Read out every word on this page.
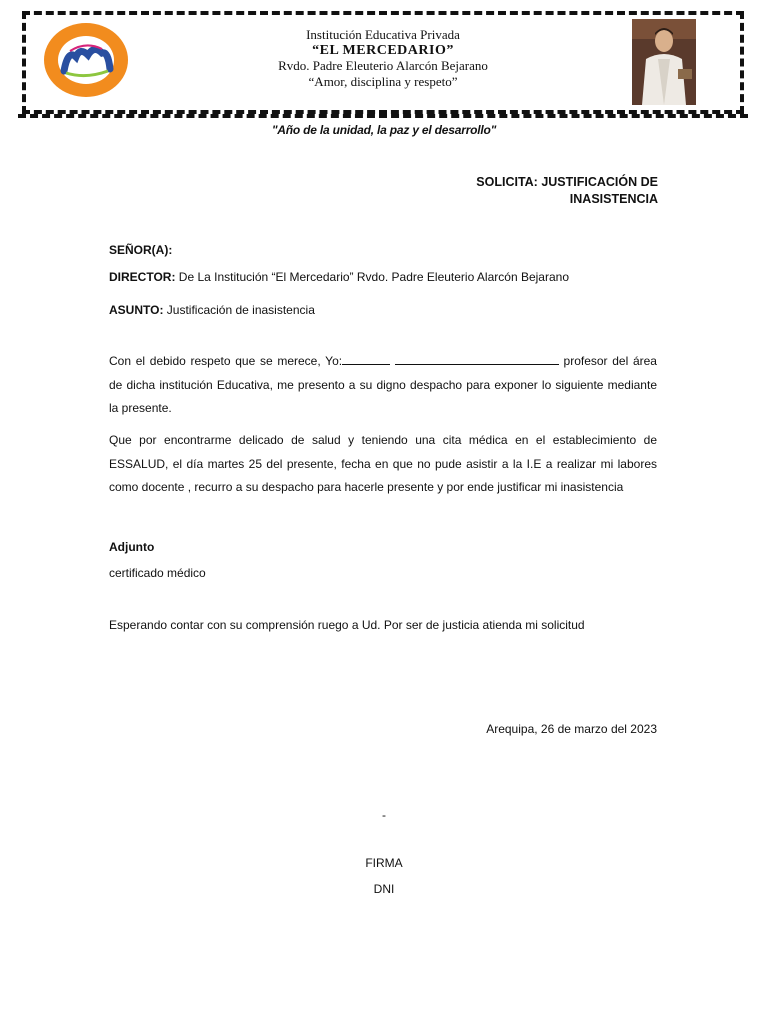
Institución Educativa Privada
“EL MERCEDARIO”
Rvdo. Padre Eleuterio Alarcón Bejarano
“Amor, disciplina y respeto”
"Año de la unidad, la paz y el desarrollo"
SOLICITA: JUSTIFICACIÓN DE
INASISTENCIA
SEÑOR(A):
DIRECTOR: De La Institución “El Mercedario” Rvdo. Padre Eleuterio Alarcón Bejarano
ASUNTO: Justificación de inasistencia
Con el debido respeto que se merece, Yo:	profesor del área de dicha institución Educativa, me presento a su digno despacho para exponer lo siguiente mediante la presente.
Que por encontrarme delicado de salud y teniendo una cita médica en el establecimiento de ESSALUD, el día martes 25 del presente, fecha en que no pude asistir a la I.E a realizar mi labores como docente , recurro a su despacho para hacerle presente y por ende justificar mi inasistencia
Adjunto
certificado médico
Esperando contar con su comprensión ruego a Ud. Por ser de justicia atienda mi solicitud
Arequipa, 26 de marzo del 2023
-
FIRMA
DNI
